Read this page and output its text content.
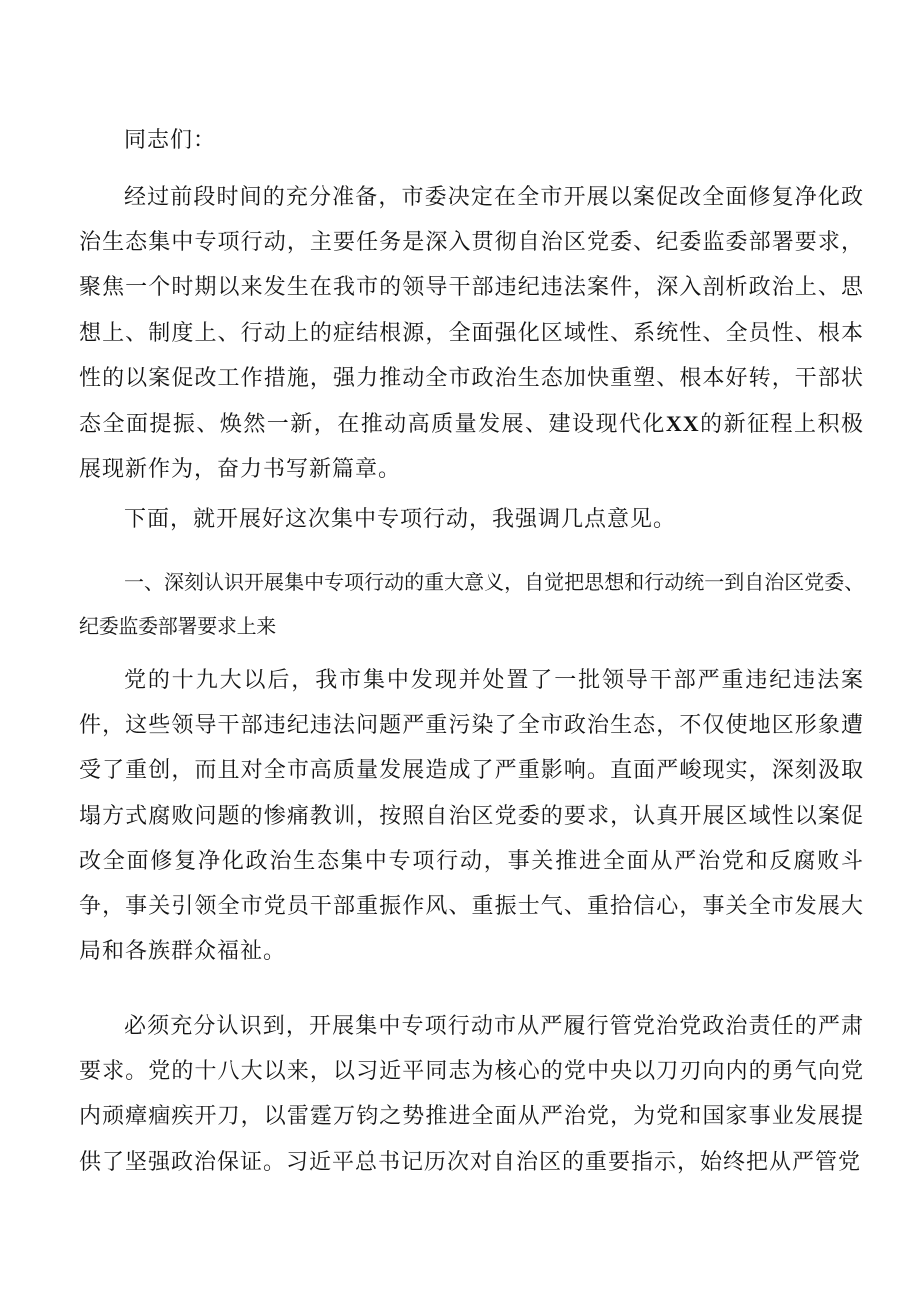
同志们：

经过前段时间的充分准备，市委决定在全市开展以案促改全面修复净化政治生态集中专项行动，主要任务是深入贯彻自治区党委、纪委监委部署要求，聚焦一个时期以来发生在我市的领导干部违纪违法案件，深入剖析政治上、思想上、制度上、行动上的症结根源，全面强化区域性、系统性、全员性、根本性的以案促改工作措施，强力推动全市政治生态加快重塑、根本好转，干部状态全面提振、焕然一新，在推动高质量发展、建设现代化XX的新征程上积极展现新作为，奋力书写新篇章。

下面，就开展好这次集中专项行动，我强调几点意见。

一、深刻认识开展集中专项行动的重大意义，自觉把思想和行动统一到自治区党委、纪委监委部署要求上来

党的十九大以后，我市集中发现并处置了一批领导干部严重违纪违法案件，这些领导干部违纪违法问题严重污染了全市政治生态，不仅使地区形象遭受了重创，而且对全市高质量发展造成了严重影响。直面严峻现实，深刻汲取塌方式腐败问题的惨痛教训，按照自治区党委的要求，认真开展区域性以案促改全面修复净化政治生态集中专项行动，事关推进全面从严治党和反腐败斗争，事关引领全市党员干部重振作风、重振士气、重拾信心，事关全市发展大局和各族群众福祉。

必须充分认识到，开展集中专项行动市从严履行管党治党政治责任的严肃要求。党的十八大以来，以习近平同志为核心的党中央以刀刃向内的勇气向党内顽瘴痼疾开刀，以雷霆万钧之势推进全面从严治党，为党和国家事业发展提供了坚强政治保证。习近平总书记历次对自治区的重要指示，始终把从严管党
